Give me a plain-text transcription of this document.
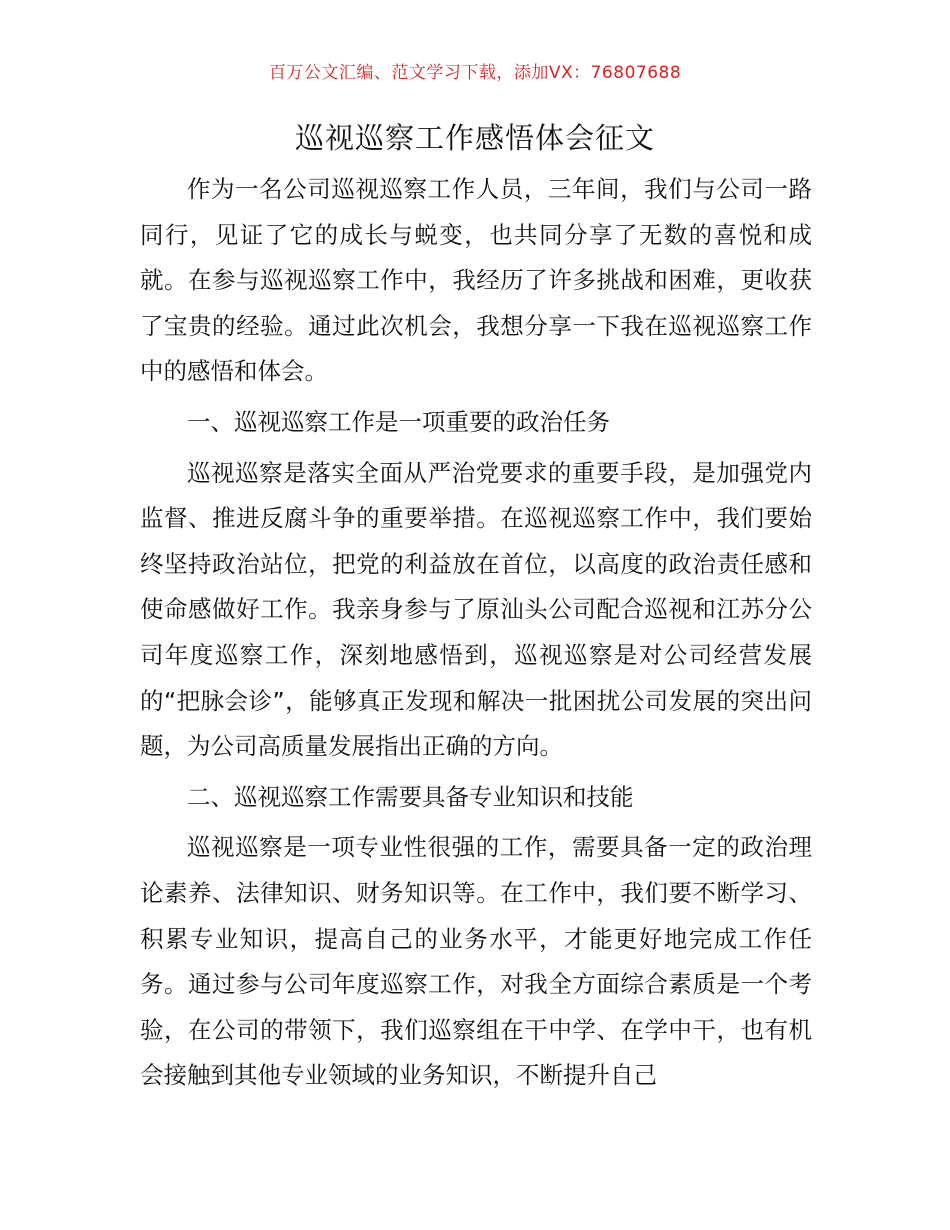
百万公文汇编、范文学习下载，添加VX：76807688
巡视巡察工作感悟体会征文

作为一名公司巡视巡察工作人员，三年间，我们与公司一路同行，见证了它的成长与蜕变，也共同分享了无数的喜悦和成就。在参与巡视巡察工作中，我经历了许多挑战和困难，更收获了宝贵的经验。通过此次机会，我想分享一下我在巡视巡察工作中的感悟和体会。

一、巡视巡察工作是一项重要的政治任务

巡视巡察是落实全面从严治党要求的重要手段，是加强党内监督、推进反腐斗争的重要举措。在巡视巡察工作中，我们要始终坚持政治站位，把党的利益放在首位，以高度的政治责任感和使命感做好工作。我亲身参与了原汕头公司配合巡视和江苏分公司年度巡察工作，深刻地感悟到，巡视巡察是对公司经营发展的“把脉会诊”，能够真正发现和解决一批困扰公司发展的突出问题，为公司高质量发展指出正确的方向。

二、巡视巡察工作需要具备专业知识和技能

巡视巡察是一项专业性很强的工作，需要具备一定的政治理论素养、法律知识、财务知识等。在工作中，我们要不断学习、积累专业知识，提高自己的业务水平，才能更好地完成工作任务。通过参与公司年度巡察工作，对我全方面综合素质是一个考验，在公司的带领下，我们巡察组在干中学、在学中干，也有机会接触到其他专业领域的业务知识，不断提升自己
